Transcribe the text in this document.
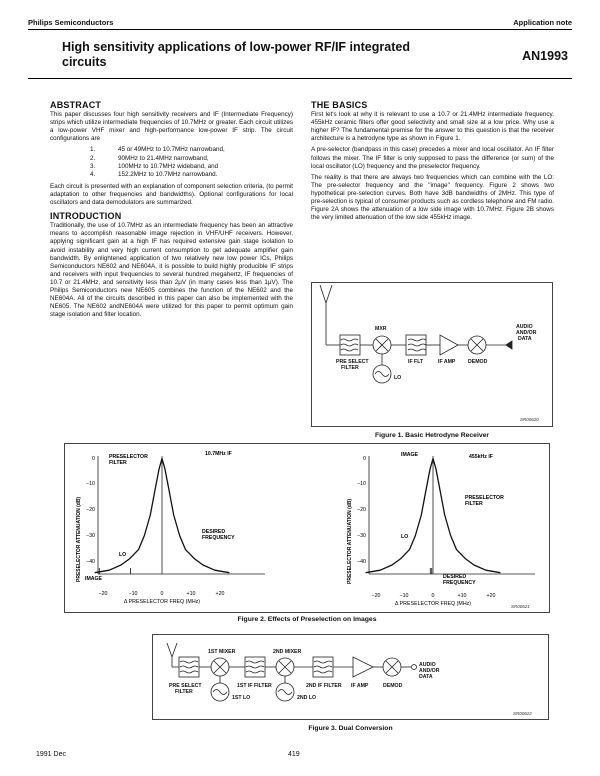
Philips Semiconductors	Application note
High sensitivity applications of low-power RF/IF integrated circuits	AN1993
ABSTRACT

This paper discusses four high sensitivity receivers and IF (Intermediate Frequency) strips which utilize intermediate frequencies of 10.7MHz or greater. Each circuit utilizes a low-power VHF mixer and high-performance low-power IF strip. The circuit configurations are

1.	45 or 49MHz to 10.7MHz narrowband,
2.	90MHz to 21.4MHz narrowband,
3.	100MHz to 10.7MHz wideband, and
4.	152.2MHz to 10.7MHz narrowband.

Each circuit is presented with an explanation of component selection criteria, (to permit adaptation to other frequencies and bandwidths). Optional configurations for local oscillators and data demodulators are summarized.

INTRODUCTION

Traditionally, the use of 10.7MHz as an intermediate frequency has been an attractive means to accomplish reasonable image rejection in VHF/UHF receivers. However, applying significant gain at a high IF has required extensive gain stage isolation to avoid instability and very high current consumption to get adequate amplifier gain bandwidth. By enlightened application of two relatively new low power ICs, Philips Semiconductors NE602 and NE604A, it is possible to build highly producible IF strips and receivers with input frequencies to several hundred megahertz, IF frequencies of 10.7 or 21.4MHz, and sensitivity less than 2μV (in many cases less than 1μV). The Philips Semiconductors new NE605 combines the function of the NE602 and the NE604A. All of the circuits described in this paper can also be implemented with the NE605. The NE602 andNE604A were utilized for this paper to permit optimum gain stage isolation and filter location.

THE BASICS

First let's look at why it is relevant to use a 10.7 or 21.4MHz intermediate frequency. 455kHz ceramic filters offer good selectivity and small size at a low price. Why use a higher IF? The fundamental premise for the answer to this question is that the receiver architecture is a hetrodyne type as shown in Figure 1.

A pre-selector (bandpass in this case) precedes a mixer and local oscillator. An IF filter follows the mixer. The IF filter is only supposed to pass the difference (or sum) of the local oscillator (LO) frequency and the preselector frequency.

The reality is that there are always two frequencies which can combine with the LO: The pre-selector frequency and the "image" frequency. Figure 2 shows two hypothetical pre-selection curves. Both have 3dB bandwidths of 2MHz. This type of pre-selection is typical of consumer products such as cordless telephone and FM radio. Figure 2A shows the attenuation of a low side image with 10.7MHz. Figure 2B shows the very limited attenuation of the low side 455kHz image.

MXR
PRE SELECT
FILTER
IF FLT	IF AMP DEMOD
AUDIO
AND/OR
DATA
LO
SR00620
Figure 1. Basic Hetrodyne Receiver
PRESELECTOR ATTENUATION (dB)
0
−10
−20
−30
−40
−20	−10	0	+10	+20
Δ PRESELECTOR FREQ (MHz)
PRESELECTOR
FILTER
10.7MHz IF
DESIRED
FREQUENCY
LO
IMAGE	PRESELECTOR ATTENUATION (dB)
0
−10
−20
−30
−40
−20	−10	0	+10	+20
Δ PRESELECTOR FREQ (MHz)
IMAGE	455kHz IF
PRESELECTOR
FILTER
LO
DESIRED
FREQUENCY
SR00621
Figure 2. Effects of Preselection on Images
1ST MIXER	2ND MIXER
PRE SELECT
FILTER
1ST IF FILTER	2ND IF FILTER IF AMP	DEMOD
1ST LO	2ND LO
AUDIO
AND/OR
DATA
SR00622
Figure 3. Dual Conversion
1991 Dec	419
